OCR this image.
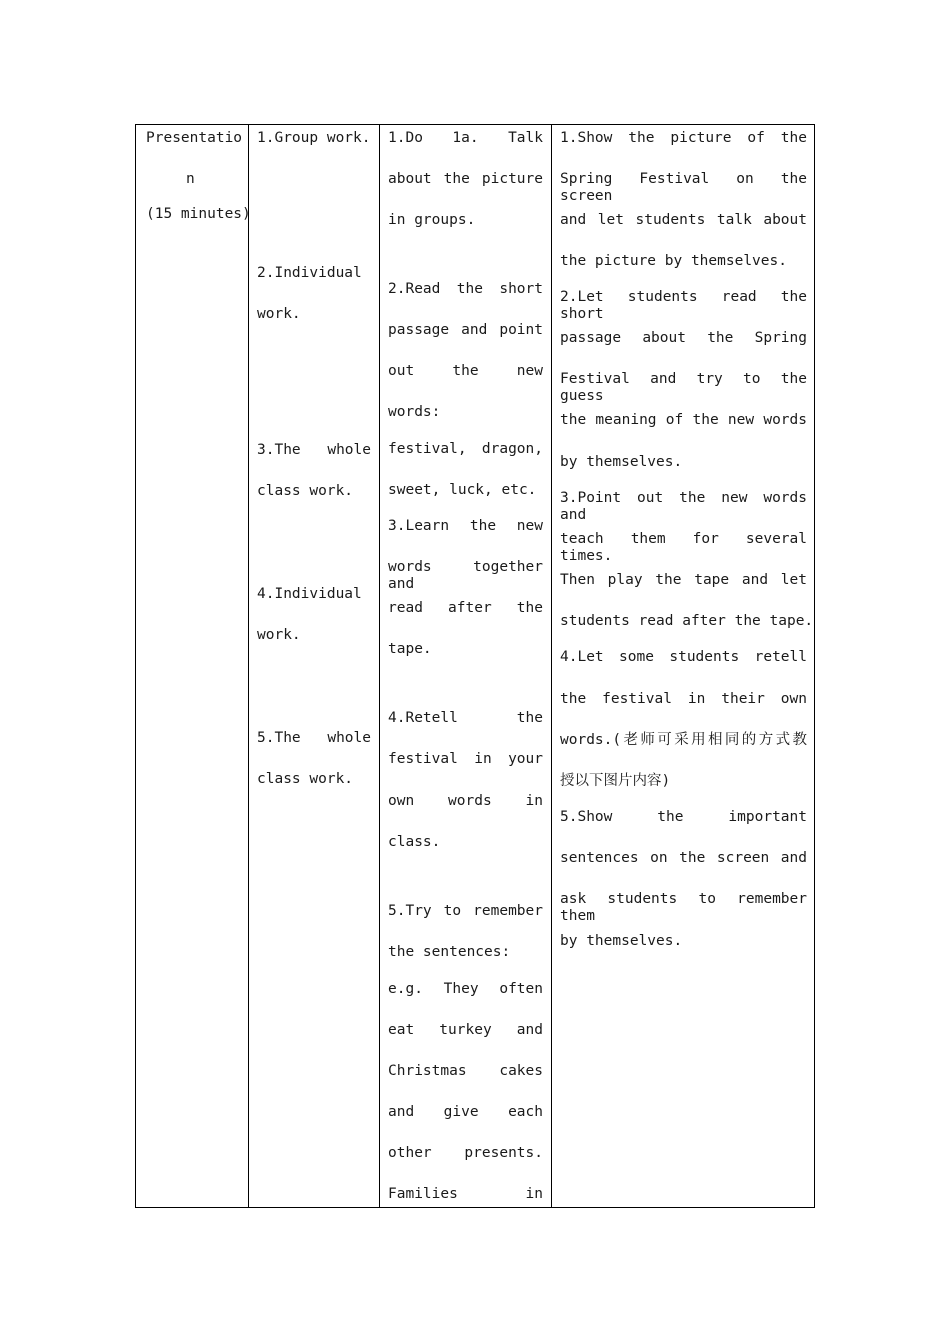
Presentatio
n
(15 minutes)
1.Group work.
2.Individual
work.
3.The whole
class work.
4.Individual
work.
5.The whole
class work.
1.Do 1a. Talk
about the picture
in groups.
2.Read the short
passage and point
out the new
words:
festival, dragon,
sweet, luck, etc.
3.Learn the new
words together and
read after the
tape.
4.Retell the
festival in your
own words in
class.
5.Try to remember
the sentences:
e.g. They often
eat turkey and
Christmas cakes
and give each
other presents.
Families in
1.Show the picture of the
Spring Festival on the screen
and let students talk about
the picture by themselves.
2.Let students read the short
passage about the Spring
Festival and try to the guess
the meaning of the new words
by themselves.
3.Point out the new words and
teach them for several times.
Then play the tape and let
students read after the tape.
4.Let some students retell
the festival in their own
words.(老师可采用相同的方式教
授以下图片内容)
5.Show the important
sentences on the screen and
ask students to remember them
by themselves.
